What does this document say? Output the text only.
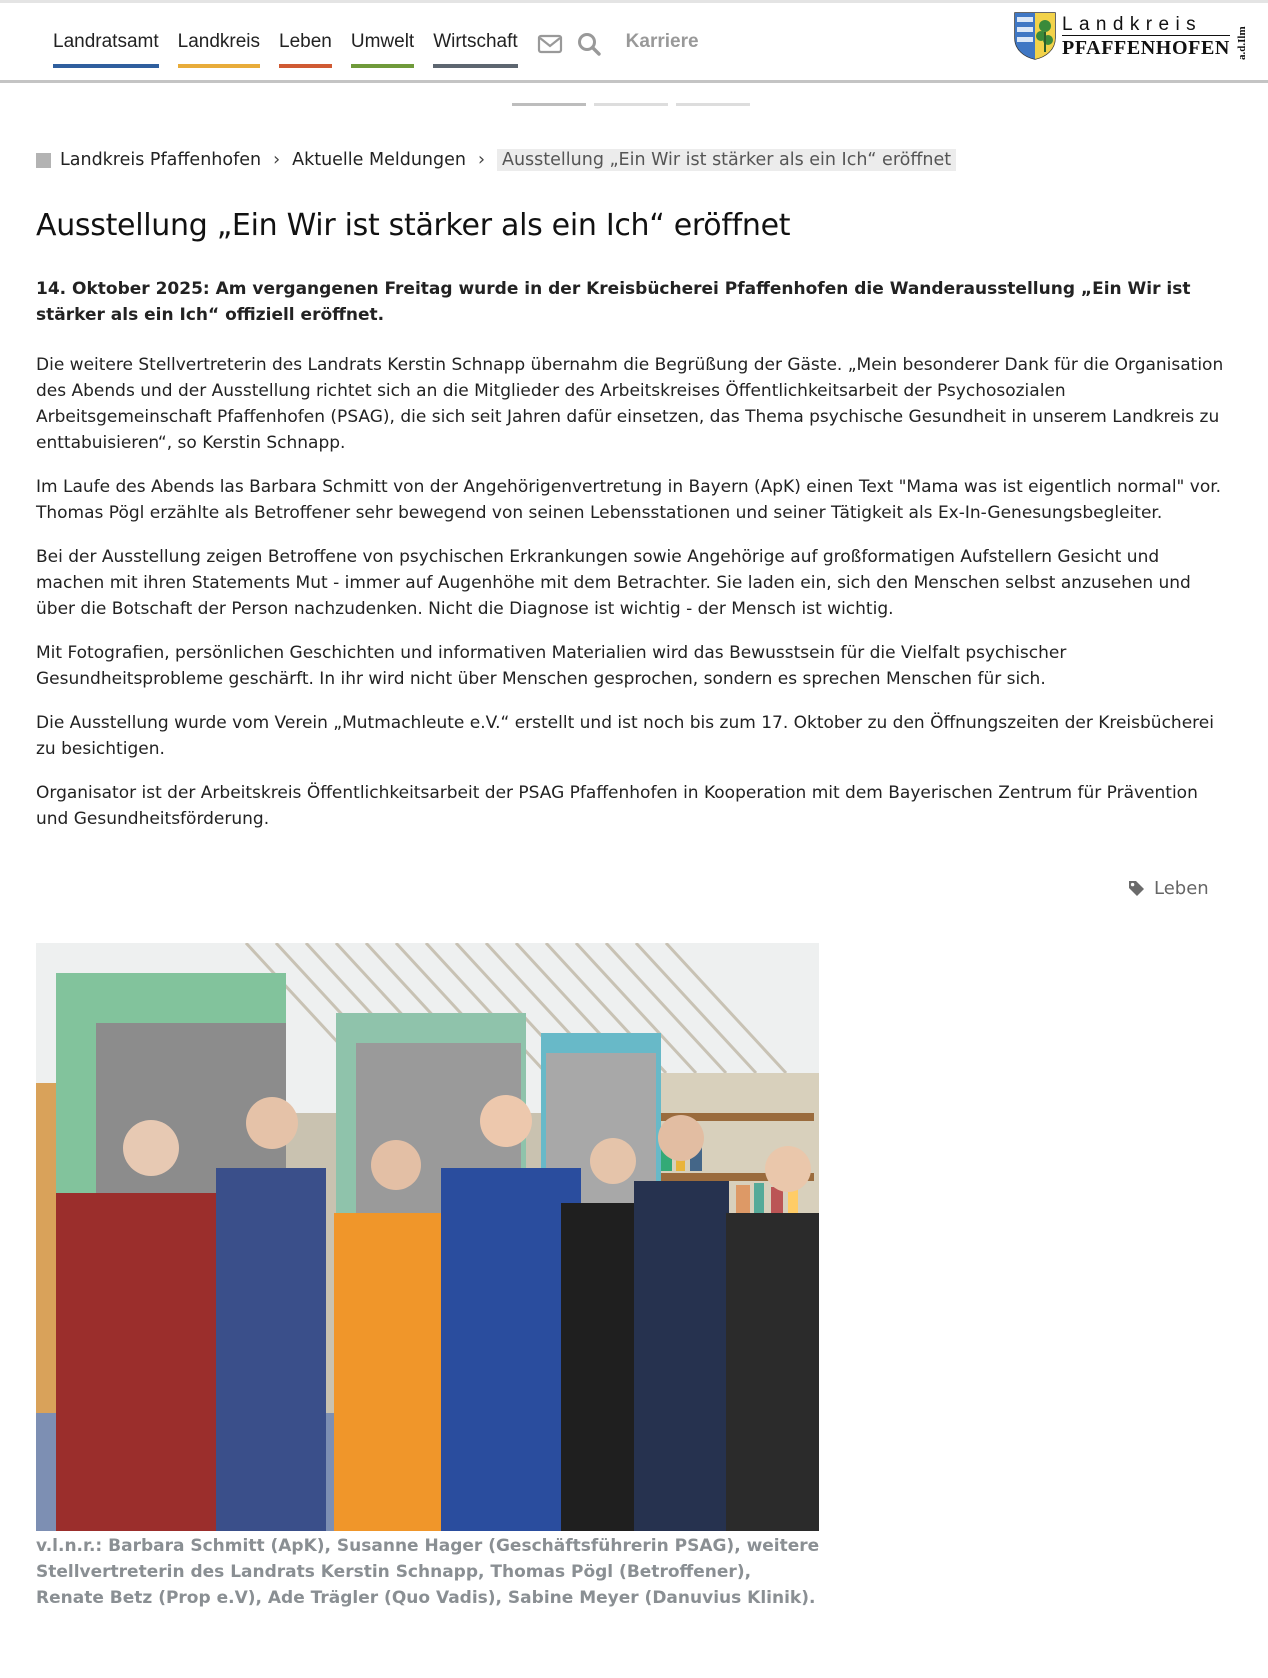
Landratsamt Landkreis Leben Umwelt Wirtschaft	Karriere
Landkreis
PFAFFENHOFEN a.d.Ilm
Landkreis Pfaffenhofen › Aktuelle Meldungen › Ausstellung „Ein Wir ist stärker als ein Ich“ eröffnet
Ausstellung „Ein Wir ist stärker als ein Ich“ eröffnet

14. Oktober 2025: Am vergangenen Freitag wurde in der Kreisbücherei Pfaffenhofen die Wanderausstellung „Ein Wir ist stärker als ein Ich“ offiziell eröffnet.

Die weitere Stellvertreterin des Landrats Kerstin Schnapp übernahm die Begrüßung der Gäste. „Mein besonderer Dank für die Organisation des Abends und der Ausstellung richtet sich an die Mitglieder des Arbeitskreises Öffentlichkeitsarbeit der Psychosozialen Arbeitsgemeinschaft Pfaffenhofen (PSAG), die sich seit Jahren dafür einsetzen, das Thema psychische Gesundheit in unserem Landkreis zu enttabuisieren“, so Kerstin Schnapp.

Im Laufe des Abends las Barbara Schmitt von der Angehörigenvertretung in Bayern (ApK) einen Text "Mama was ist eigentlich normal" vor. Thomas Pögl erzählte als Betroffener sehr bewegend von seinen Lebensstationen und seiner Tätigkeit als Ex-In-Genesungsbegleiter.

Bei der Ausstellung zeigen Betroffene von psychischen Erkrankungen sowie Angehörige auf großformatigen Aufstellern Gesicht und machen mit ihren Statements Mut - immer auf Augenhöhe mit dem Betrachter. Sie laden ein, sich den Menschen selbst anzusehen und über die Botschaft der Person nachzudenken. Nicht die Diagnose ist wichtig - der Mensch ist wichtig.

Mit Fotografien, persönlichen Geschichten und informativen Materialien wird das Bewusstsein für die Vielfalt psychischer Gesundheitsprobleme geschärft. In ihr wird nicht über Menschen gesprochen, sondern es sprechen Menschen für sich.

Die Ausstellung wurde vom Verein „Mutmachleute e.V.“ erstellt und ist noch bis zum 17. Oktober zu den Öffnungszeiten der Kreisbücherei zu besichtigen.

Organisator ist der Arbeitskreis Öffentlichkeitsarbeit der PSAG Pfaffenhofen in Kooperation mit dem Bayerischen Zentrum für Prävention und Gesundheitsförderung.

Leben
v.l.n.r.: Barbara Schmitt (ApK), Susanne Hager (Geschäftsführerin PSAG), weitere Stellvertreterin des Landrats Kerstin Schnapp, Thomas Pögl (Betroffener), Renate Betz (Prop e.V), Ade Trägler (Quo Vadis), Sabine Meyer (Danuvius Klinik).
